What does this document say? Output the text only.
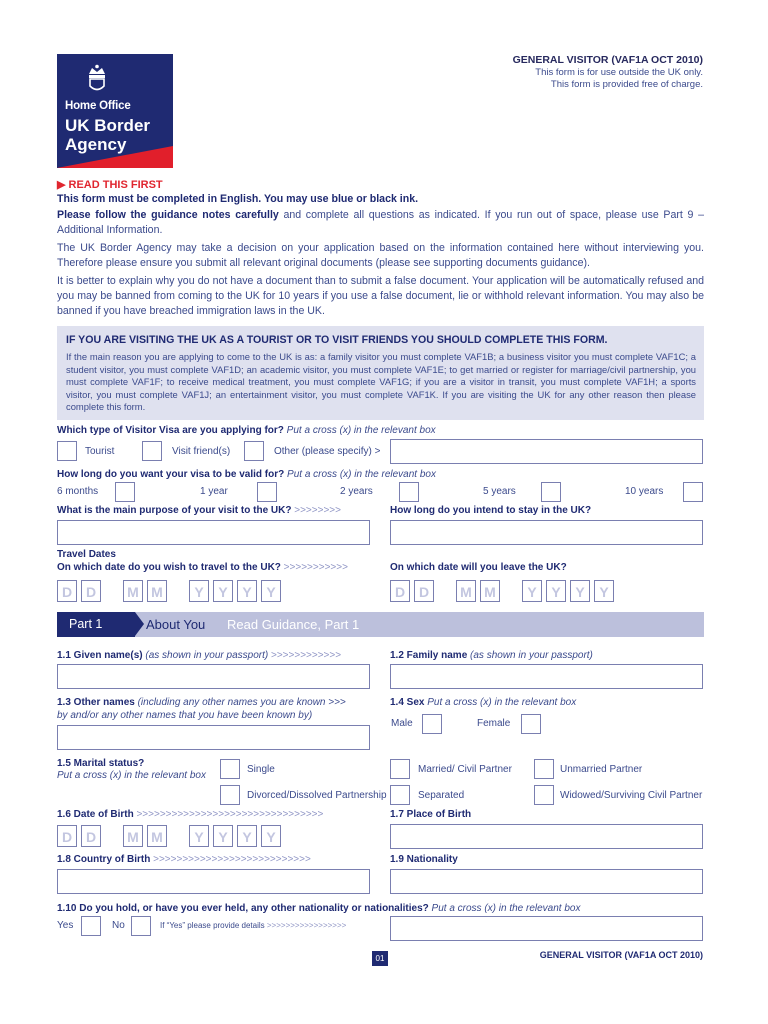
Home Office
UK Border
Agency
GENERAL VISITOR (VAF1A OCT 2010)
This form is for use outside the UK only.
This form is provided free of charge.
▶ READ THIS FIRST
This form must be completed in English. You may use blue or black ink.
Please follow the guidance notes carefully and complete all questions as indicated. If you run out of space, please use Part 9 – Additional Information.
The UK Border Agency may take a decision on your application based on the information contained here without interviewing you. Therefore please ensure you submit all relevant original documents (please see supporting documents guidance).
It is better to explain why you do not have a document than to submit a false document. Your application will be automatically refused and you may be banned from coming to the UK for 10 years if you use a false document, lie or withhold relevant information. You may also be banned if you have breached immigration laws in the UK.
IF YOU ARE VISITING THE UK AS A TOURIST OR TO VISIT FRIENDS YOU SHOULD COMPLETE THIS FORM.
If the main reason you are applying to come to the UK is as: a family visitor you must complete VAF1B; a business visitor you must complete VAF1C; a student visitor, you must complete VAF1D; an academic visitor, you must complete VAF1E; to get married or register for marriage/civil partnership, you must complete VAF1F; to receive medical treatment, you must complete VAF1G; if you are a visitor in transit, you must complete VAF1H; a sports visitor, you must complete VAF1J; an entertainment visitor, you must complete VAF1K. If you are visiting the UK for any other reason then please complete this form.
Which type of Visitor Visa are you applying for? Put a cross (x) in the relevant box
Tourist	Visit friend(s)	Other (please specify) >
How long do you want your visa to be valid for? Put a cross (x) in the relevant box
6 months	1 year	2 years	5 years	10 years
What is the main purpose of your visit to the UK? >>>>>>>>	How long do you intend to stay in the UK?
Travel Dates
On which date do you wish to travel to the UK? >>>>>>>>>>>	On which date will you leave the UK?
D D	M M	Y	Y	Y	Y	D D	M M	Y	Y	Y	Y
Part 1	About You Read Guidance, Part 1
1.1 Given name(s) (as shown in your passport) >>>>>>>>>>>>	1.2 Family name (as shown in your passport)
1.3 Other names (including any other names you are known >>>
by and/or any other names that you have been known by)
1.4 Sex Put a cross (x) in the relevant box
Male	Female
1.5 Marital status?
Put a cross (x) in the relevant box
Single	Married/ Civil Partner	Unmarried Partner
Divorced/Dissolved Partnership	Separated	Widowed/Surviving Civil Partner
1.6 Date of Birth >>>>>>>>>>>>>>>>>>>>>>>>>>>>>>>>
D D	M M	Y	Y	Y	Y
1.7 Place of Birth
1.8 Country of Birth >>>>>>>>>>>>>>>>>>>>>>>>>>>	1.9 Nationality
1.10 Do you hold, or have you ever held, any other nationality or nationalities? Put a cross (x) in the relevant box
Yes	No	If “Yes” please provide details >>>>>>>>>>>>>>>>>
01	GENERAL VISITOR (VAF1A OCT 2010)
